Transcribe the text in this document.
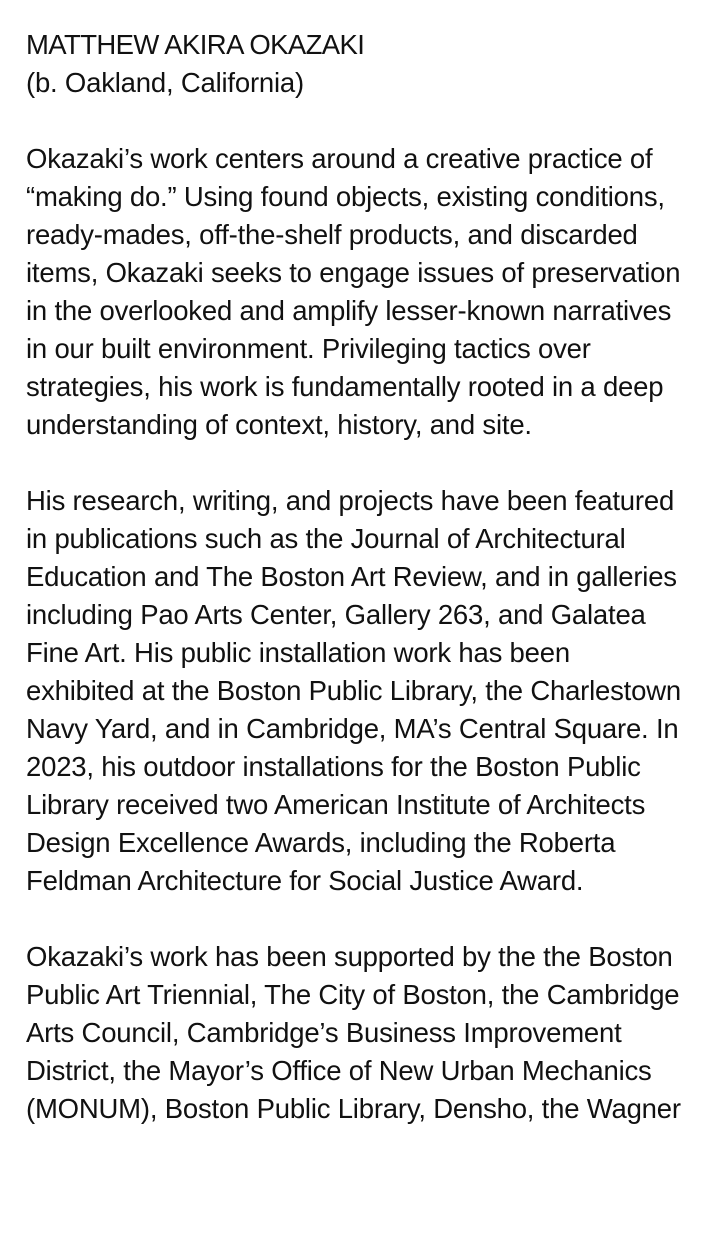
MATTHEW AKIRA OKAZAKI
(b. Oakland, California)

Okazaki’s work centers around a creative practice of “making do.” Using found objects, existing conditions, ready-mades, off-the-shelf products, and discarded items, Okazaki seeks to engage issues of preservation in the overlooked and amplify lesser-known narratives in our built environment. Privileging tactics over strategies, his work is fundamentally rooted in a deep understanding of context, history, and site.

His research, writing, and projects have been featured in publications such as the Journal of Architectural Education and The Boston Art Review, and in galleries including Pao Arts Center, Gallery 263, and Galatea Fine Art. His public installation work has been exhibited at the Boston Public Library, the Charlestown Navy Yard, and in Cambridge, MA’s Central Square. In 2023, his outdoor installations for the Boston Public Library received two American Institute of Architects Design Excellence Awards, including the Roberta Feldman Architecture for Social Justice Award.

Okazaki’s work has been supported by the the Boston Public Art Triennial, The City of Boston, the Cambridge Arts Council, Cambridge’s Business Improvement District, the Mayor’s Office of New Urban Mechanics (MONUM), Boston Public Library, Densho, the Wagner
